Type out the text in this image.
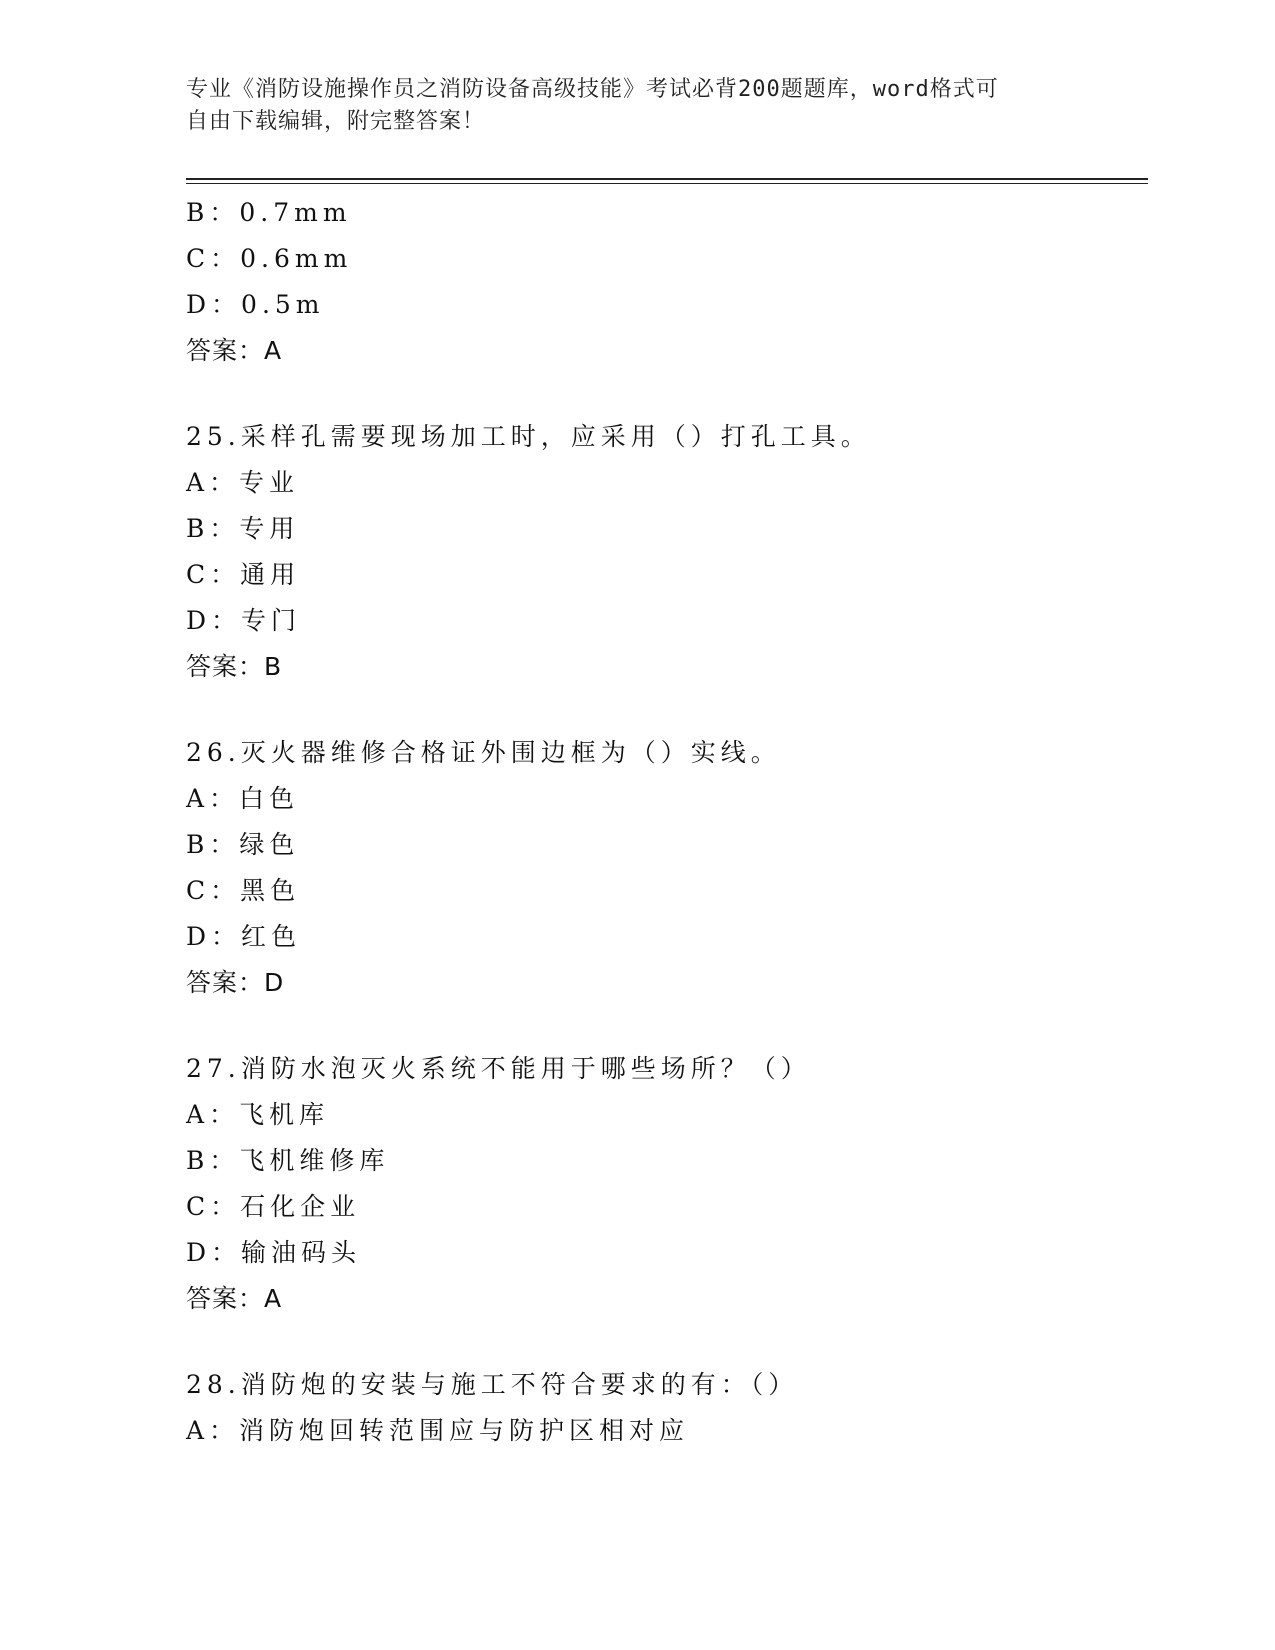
专业《消防设施操作员之消防设备高级技能》考试必背200题题库，word格式可
自由下载编辑，附完整答案！
B：0.7mm
C：0.6mm
D：0.5m
答案：A
25.采样孔需要现场加工时，应采用（）打孔工具。
A：专业
B：专用
C：通用
D：专门
答案：B
26.灭火器维修合格证外围边框为（）实线。
A：白色
B：绿色
C：黑色
D：红色
答案：D
27.消防水泡灭火系统不能用于哪些场所？（）
A：飞机库
B：飞机维修库
C：石化企业
D：输油码头
答案：A
28.消防炮的安装与施工不符合要求的有：（）
A：消防炮回转范围应与防护区相对应
